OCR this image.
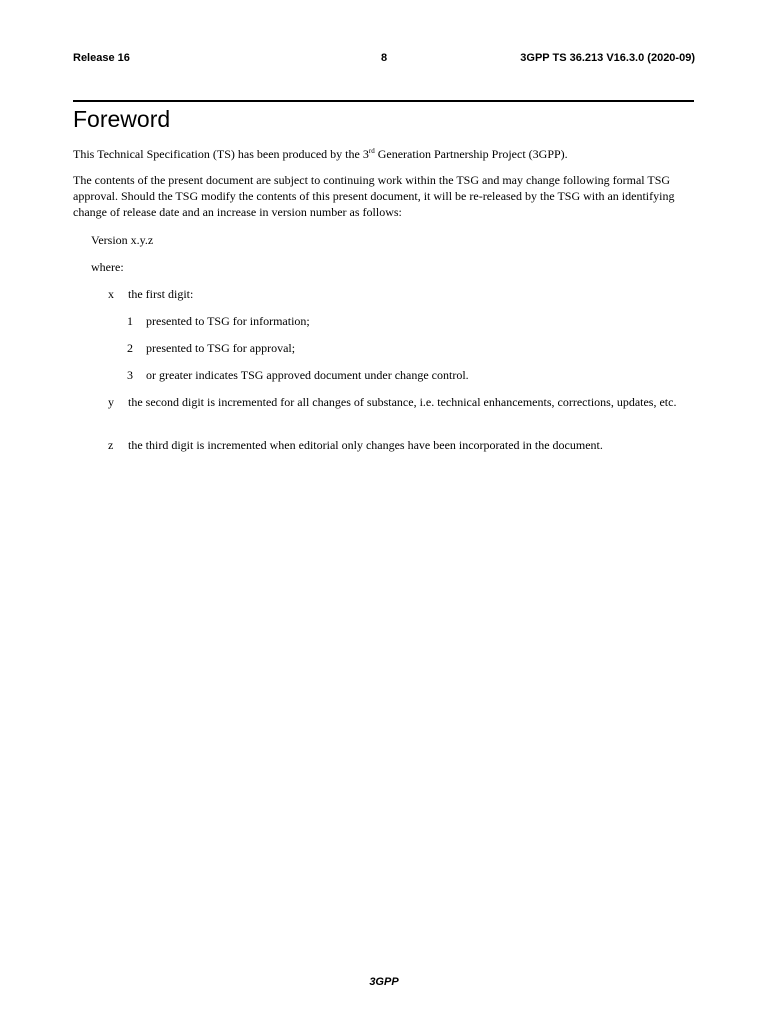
Release 16	8	3GPP TS 36.213 V16.3.0 (2020-09)
Foreword
This Technical Specification (TS) has been produced by the 3rd Generation Partnership Project (3GPP).
The contents of the present document are subject to continuing work within the TSG and may change following formal TSG approval. Should the TSG modify the contents of this present document, it will be re-released by the TSG with an identifying change of release date and an increase in version number as follows:
Version x.y.z
where:
x the first digit:
1 presented to TSG for information;
2 presented to TSG for approval;
3 or greater indicates TSG approved document under change control.
y the second digit is incremented for all changes of substance, i.e. technical enhancements, corrections, updates, etc.
z the third digit is incremented when editorial only changes have been incorporated in the document.
3GPP
